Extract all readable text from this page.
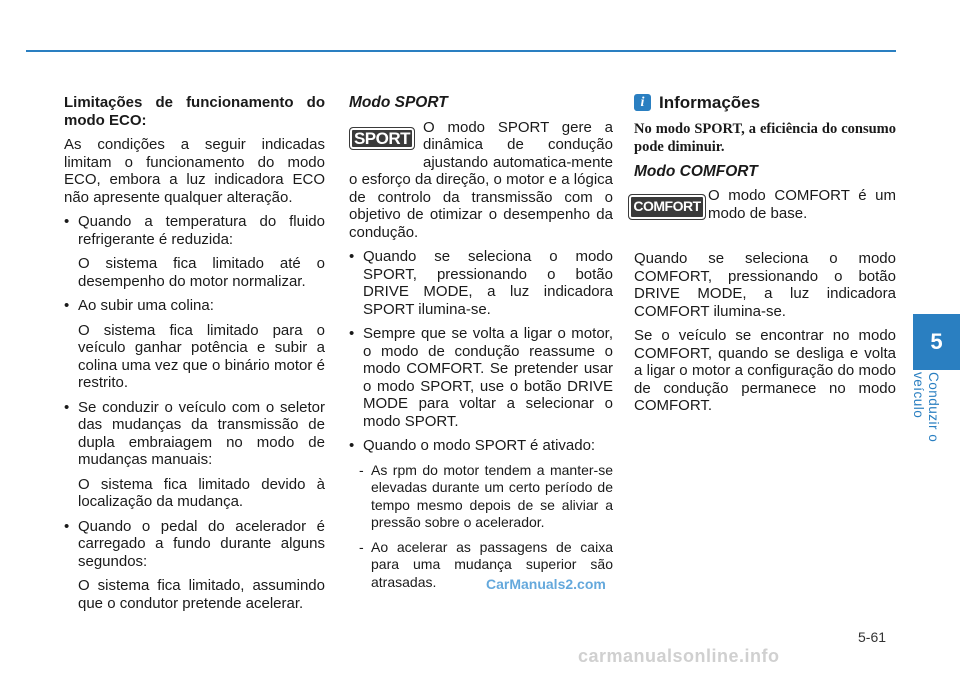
Limitações de funcionamento do modo ECO:

As condições a seguir indicadas limitam o funcionamento do modo ECO, embora a luz indicadora ECO não apresente qualquer alteração.

• Quando a temperatura do fluido refrigerante é reduzida:
O sistema fica limitado até o desempenho do motor normalizar.
• Ao subir uma colina:
O sistema fica limitado para o veículo ganhar potência e subir a colina uma vez que o binário motor é restrito.
• Se conduzir o veículo com o seletor das mudanças da transmissão de dupla embraiagem no modo de mudanças manuais:
O sistema fica limitado devido à localização da mudança.
• Quando o pedal do acelerador é carregado a fundo durante alguns segundos:
O sistema fica limitado, assumindo que o condutor pretende acelerar.

Modo SPORT

SPORT

O modo SPORT gere a dinâmica de condução ajustando automatica-mente o esforço da direção, o motor e a lógica de controlo da transmissão com o objetivo de otimizar o desempenho da condução.

• Quando se seleciona o modo SPORT, pressionando o botão DRIVE MODE, a luz indicadora SPORT ilumina-se.
• Sempre que se volta a ligar o motor, o modo de condução reassume o modo COMFORT. Se pretender usar o modo SPORT, use o botão DRIVE MODE para voltar a selecionar o modo SPORT.
• Quando o modo SPORT é ativado:
- As rpm do motor tendem a manter-se elevadas durante um certo período de tempo mesmo depois de se aliviar a pressão sobre o acelerador.
- Ao acelerar as passagens de caixa para uma mudança superior são atrasadas.
i Informações

No modo SPORT, a eficiência do consumo pode diminuir.

Modo COMFORT

COMFORT

O modo COMFORT é um modo de base.

Quando se seleciona o modo COMFORT, pressionando o botão DRIVE MODE, a luz indicadora COMFORT ilumina-se.

Se o veículo se encontrar no modo COMFORT, quando se desliga e volta a ligar o motor a configuração do modo de condução permanece no modo COMFORT.

5
Conduzir o veículo
5-61
CarManuals2.com
carmanualsonline.info
